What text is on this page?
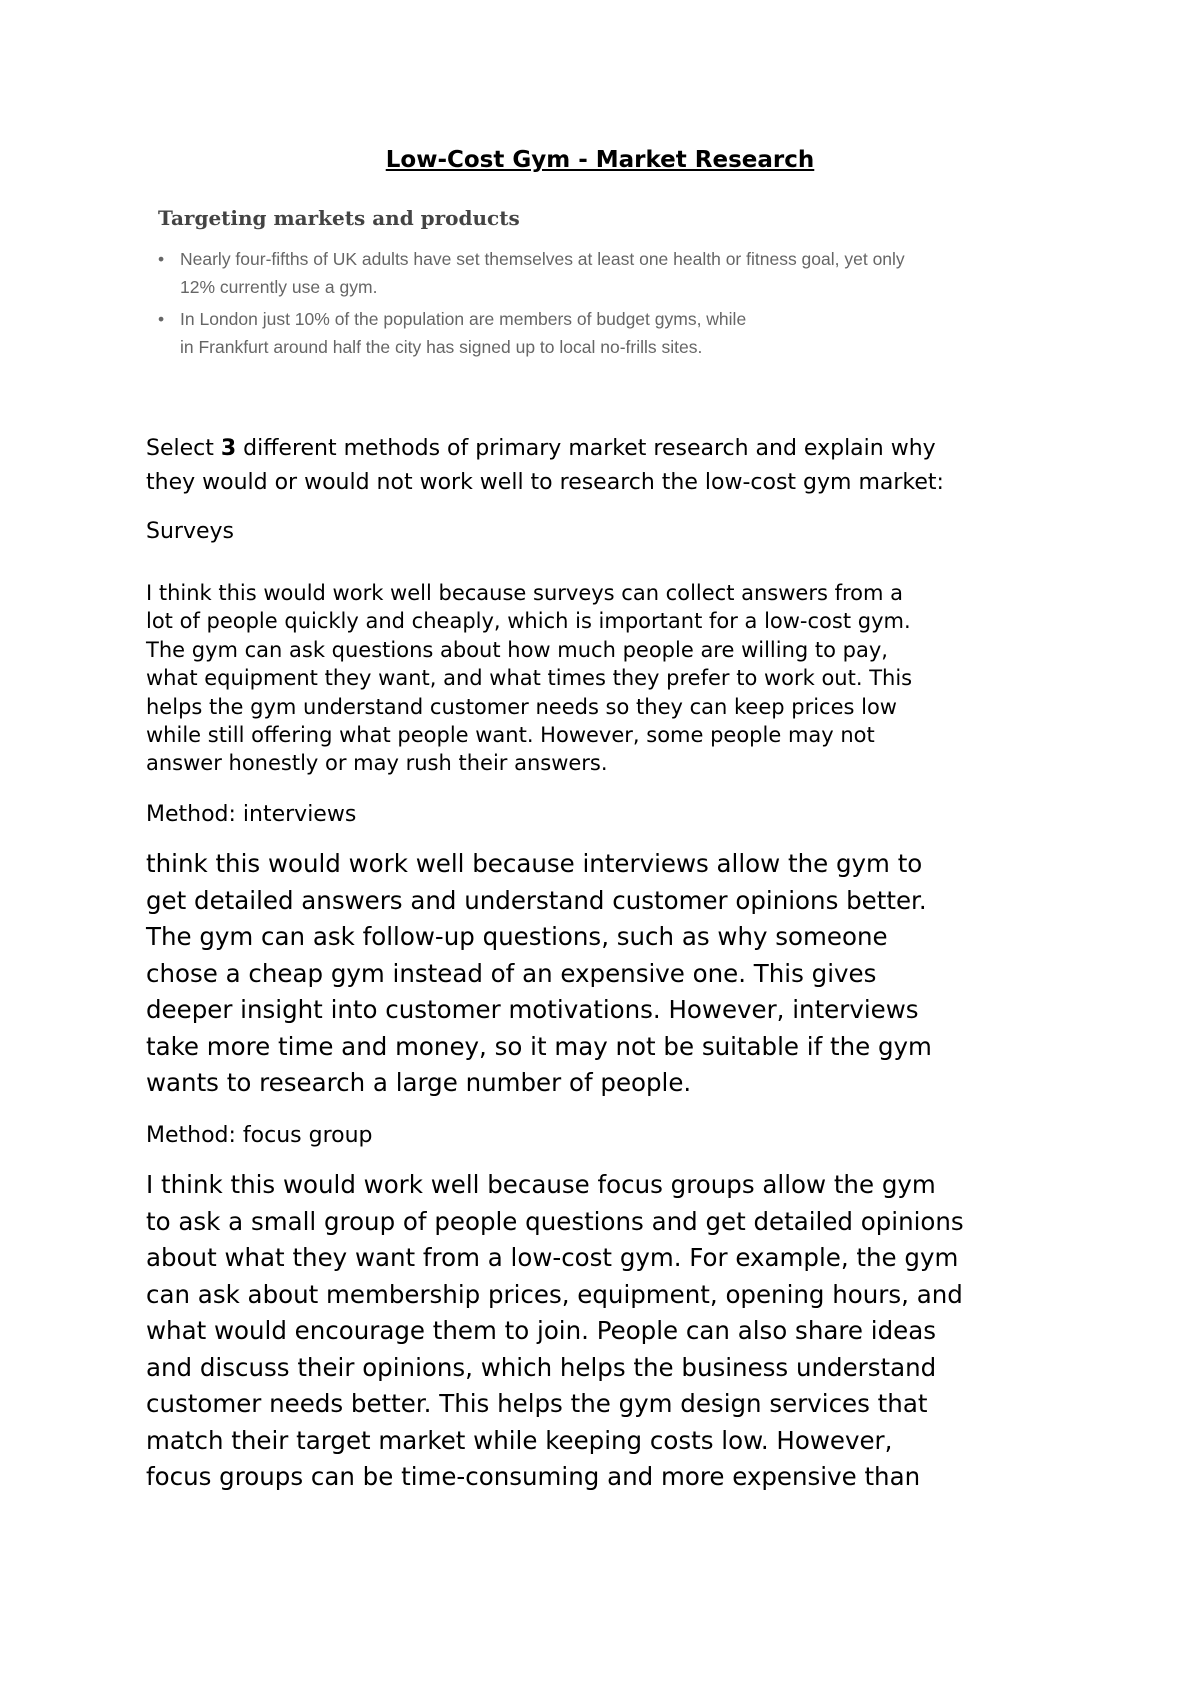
Low-Cost Gym - Market Research
Targeting markets and products
• Nearly four-fifths of UK adults have set themselves at least one health or fitness goal, yet only
12% currently use a gym.
• In London just 10% of the population are members of budget gyms, while
in Frankfurt around half the city has signed up to local no-frills sites.
Select 3 different methods of primary market research and explain why
they would or would not work well to research the low-cost gym market:
Surveys
I think this would work well because surveys can collect answers from a
lot of people quickly and cheaply, which is important for a low-cost gym.
The gym can ask questions about how much people are willing to pay,
what equipment they want, and what times they prefer to work out. This
helps the gym understand customer needs so they can keep prices low
while still offering what people want. However, some people may not
answer honestly or may rush their answers.
Method: interviews
think this would work well because interviews allow the gym to
get detailed answers and understand customer opinions better.
The gym can ask follow-up questions, such as why someone
chose a cheap gym instead of an expensive one. This gives
deeper insight into customer motivations. However, interviews
take more time and money, so it may not be suitable if the gym
wants to research a large number of people.
Method: focus group
I think this would work well because focus groups allow the gym
to ask a small group of people questions and get detailed opinions
about what they want from a low-cost gym. For example, the gym
can ask about membership prices, equipment, opening hours, and
what would encourage them to join. People can also share ideas
and discuss their opinions, which helps the business understand
customer needs better. This helps the gym design services that
match their target market while keeping costs low. However,
focus groups can be time-consuming and more expensive than
